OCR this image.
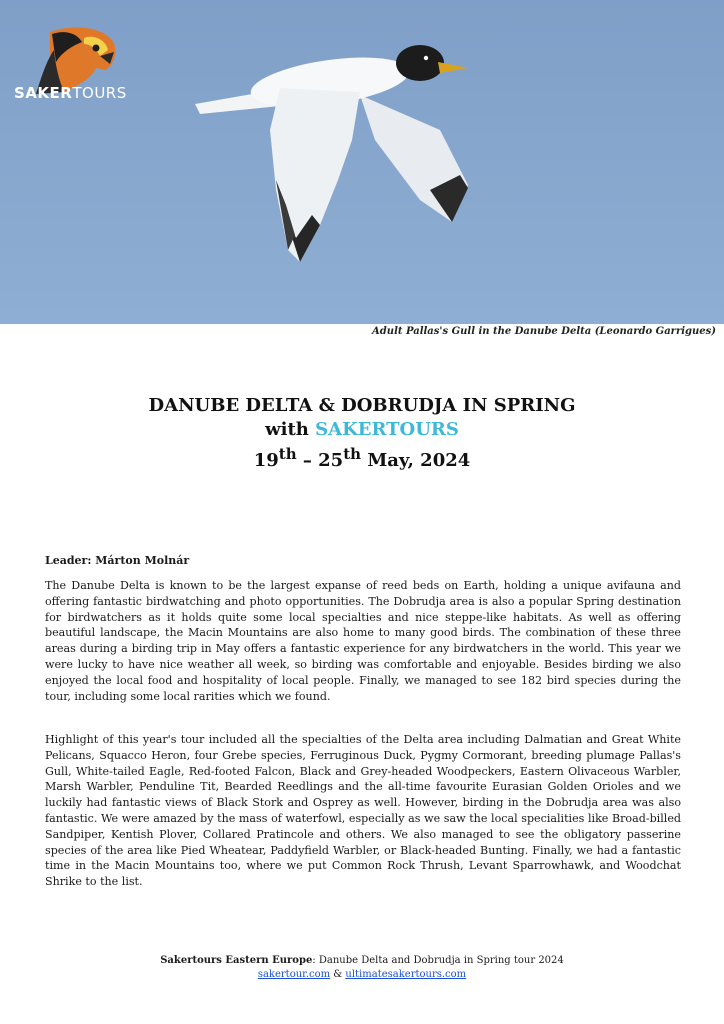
SAKERTOURS
Adult Pallas's Gull in the Danube Delta (Leonardo Garrigues)
DANUBE DELTA & DOBRUDJA IN SPRING
with SAKERTOURS
19th – 25th May, 2024
Leader: Márton Molnár

The Danube Delta is known to be the largest expanse of reed beds on Earth, holding a unique avifauna and offering fantastic birdwatching and photo opportunities. The Dobrudja area is also a popular Spring destination for birdwatchers as it holds quite some local specialties and nice steppe-like habitats. As well as offering beautiful landscape, the Macin Mountains are also home to many good birds. The combination of these three areas during a birding trip in May offers a fantastic experience for any birdwatchers in the world. This year we were lucky to have nice weather all week, so birding was comfortable and enjoyable. Besides birding we also enjoyed the local food and hospitality of local people. Finally, we managed to see 182 bird species during the tour, including some local rarities which we found.

Highlight of this year's tour included all the specialties of the Delta area including Dalmatian and Great White Pelicans, Squacco Heron, four Grebe species, Ferruginous Duck, Pygmy Cormorant, breeding plumage Pallas's Gull, White-tailed Eagle, Red-footed Falcon, Black and Grey-headed Woodpeckers, Eastern Olivaceous Warbler, Marsh Warbler, Penduline Tit, Bearded Reedlings and the all-time favourite Eurasian Golden Orioles and we luckily had fantastic views of Black Stork and Osprey as well. However, birding in the Dobrudja area was also fantastic. We were amazed by the mass of waterfowl, especially as we saw the local specialities like Broad-billed Sandpiper, Kentish Plover, Collared Pratincole and others. We also managed to see the obligatory passerine species of the area like Pied Wheatear, Paddyfield Warbler, or Black-headed Bunting. Finally, we had a fantastic time in the Macin Mountains too, where we put Common Rock Thrush, Levant Sparrowhawk, and Woodchat Shrike to the list.

Sakertours Eastern Europe: Danube Delta and Dobrudja in Spring tour 2024
sakertour.com & ultimatesakertours.com
